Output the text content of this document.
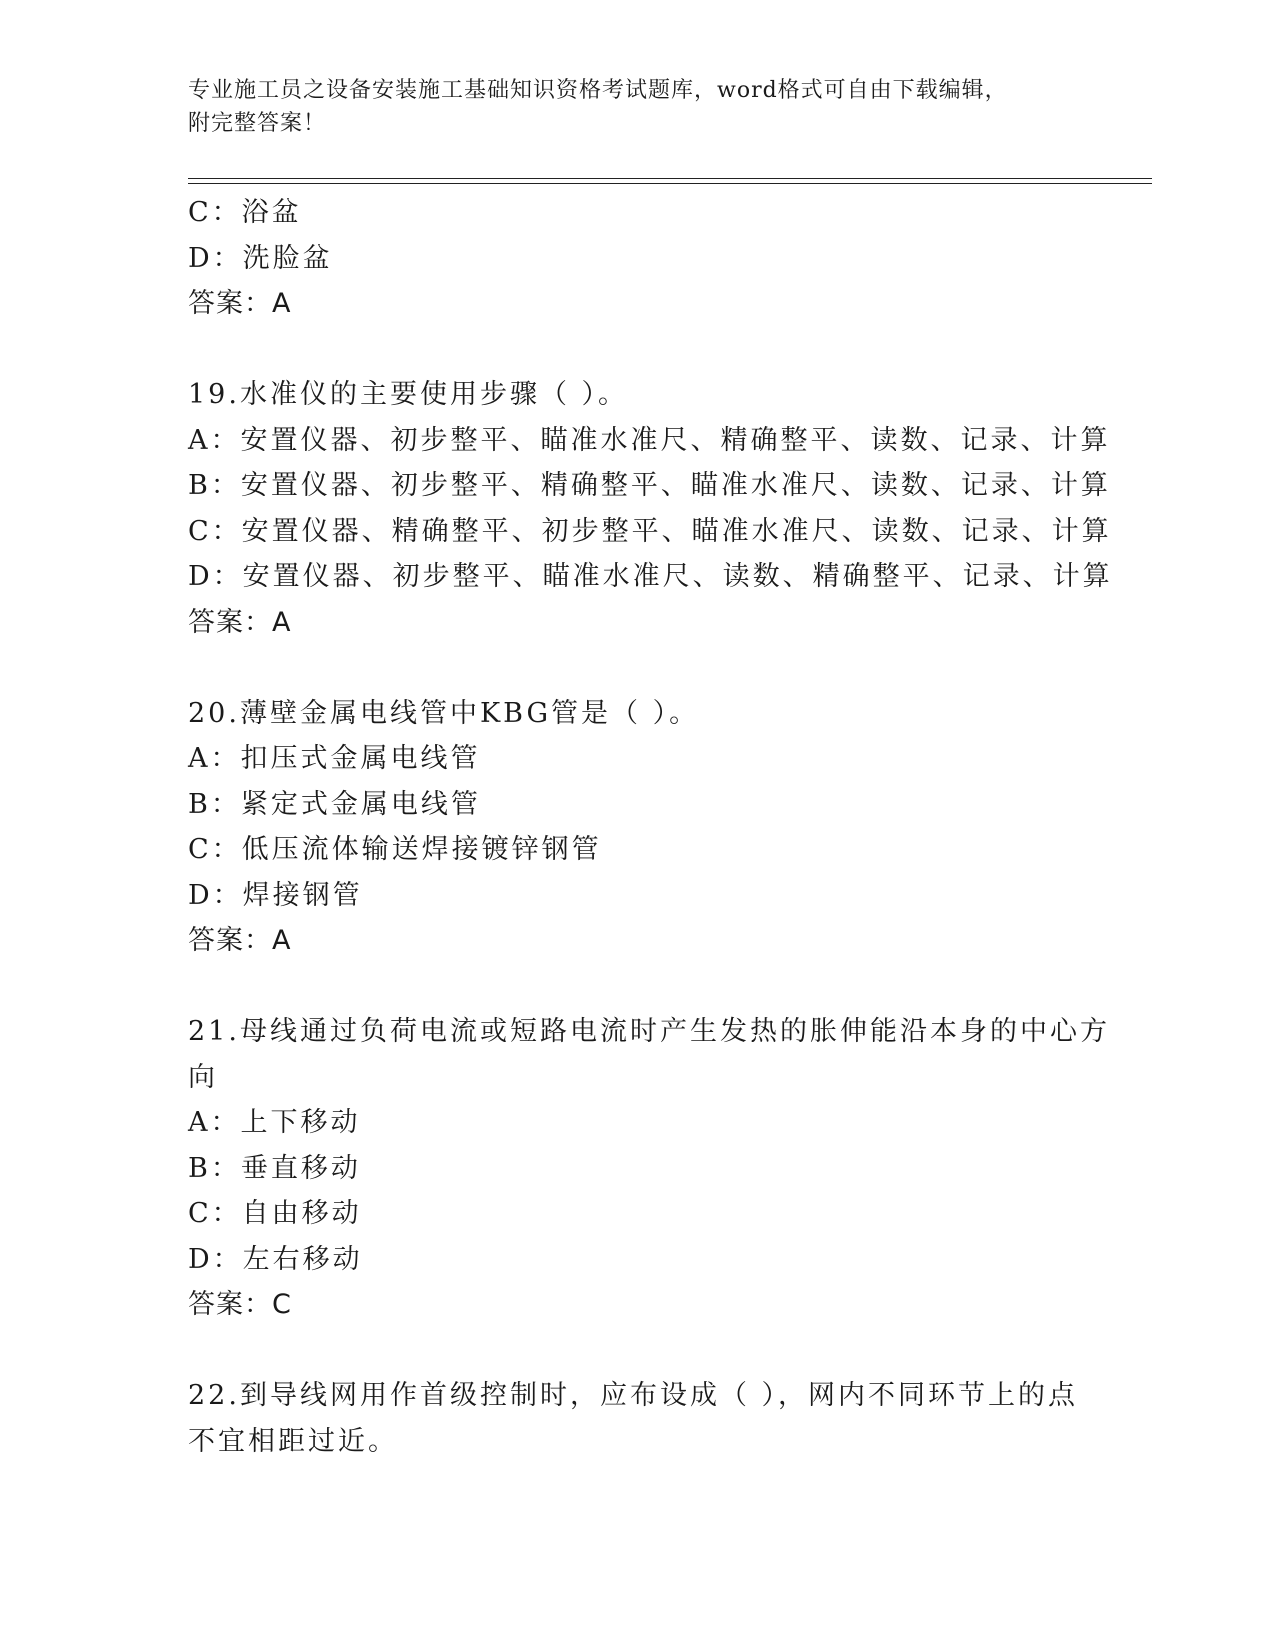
专业施工员之设备安装施工基础知识资格考试题库，word格式可自由下载编辑，
附完整答案！
C：浴盆
D：洗脸盆
答案：A
19.水准仪的主要使用步骤（ ）。
A：安置仪器、初步整平、瞄准水准尺、精确整平、读数、记录、计算
B：安置仪器、初步整平、精确整平、瞄准水准尺、读数、记录、计算
C：安置仪器、精确整平、初步整平、瞄准水准尺、读数、记录、计算
D：安置仪器、初步整平、瞄准水准尺、读数、精确整平、记录、计算
答案：A
20.薄壁金属电线管中KBG管是（ ）。
A：扣压式金属电线管
B：紧定式金属电线管
C：低压流体输送焊接镀锌钢管
D：焊接钢管
答案：A
21.母线通过负荷电流或短路电流时产生发热的胀伸能沿本身的中心方
向
A：上下移动
B：垂直移动
C：自由移动
D：左右移动
答案：C
22.到导线网用作首级控制时，应布设成（ ），网内不同环节上的点
不宜相距过近。
